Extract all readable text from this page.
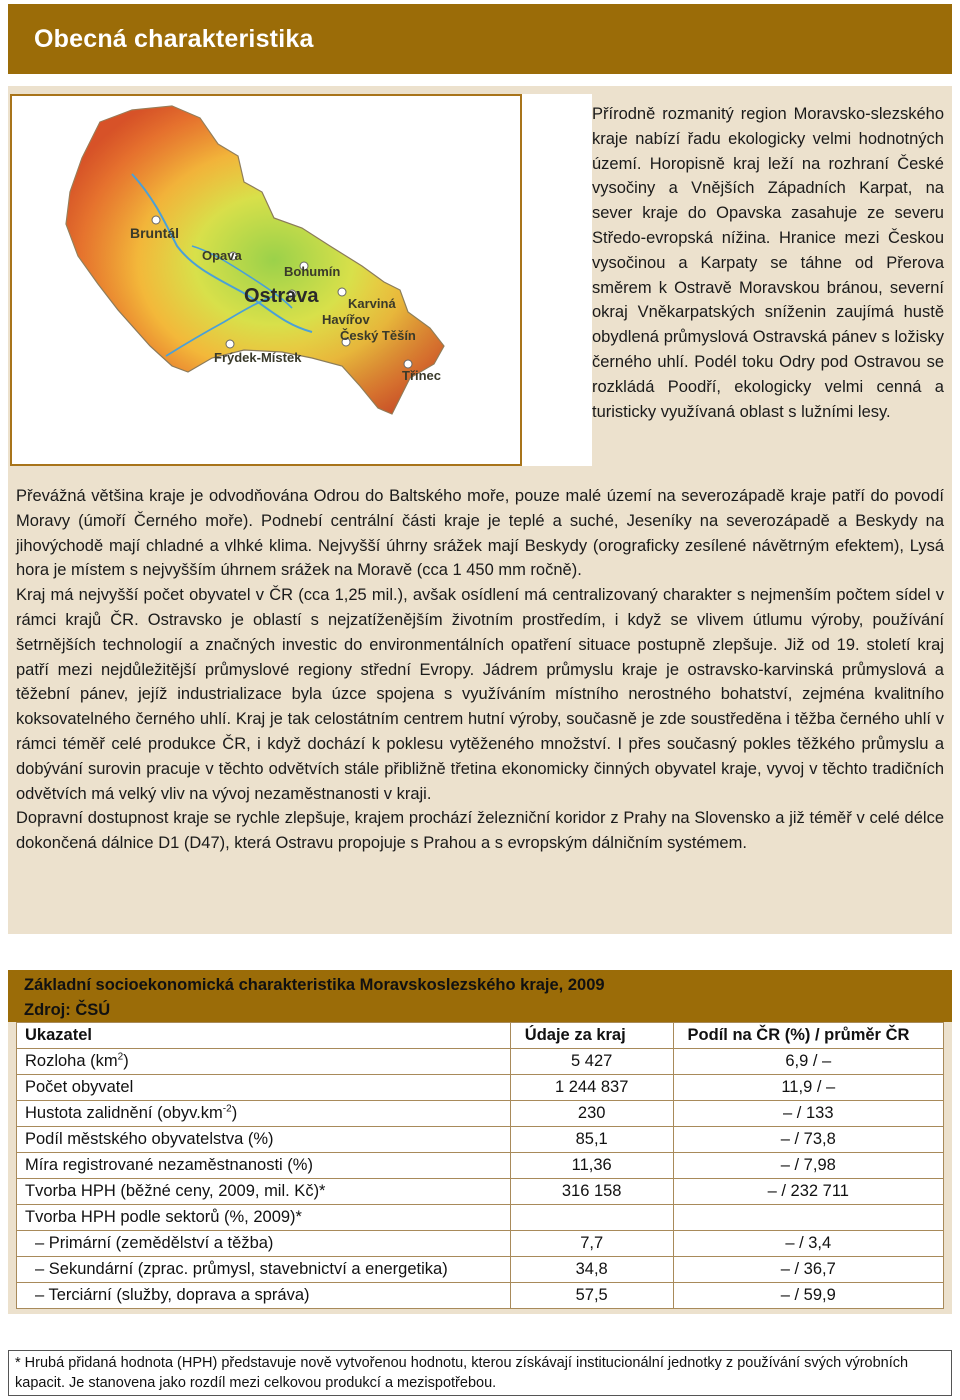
Obecná charakteristika
Bruntál
Opava
Bohumín
Ostrava Karviná
Havířov
Český Těšín
Frýdek-Místek
Třinec
Přírodně rozmanitý region Moravsko-slezského kraje nabízí řadu ekologicky velmi hodnotných území. Horopisně kraj leží na rozhraní České vysočiny a Vnějších Západních Karpat, na sever kraje do Opavska zasahuje ze severu Středo-evropská nížina. Hranice mezi Českou vysočinou a Karpaty se táhne od Přerova směrem k Ostravě Moravskou bránou, severní okraj Vněkarpatských sníženin zaujímá hustě obydlená průmyslová Ostravská pánev s ložisky černého uhlí. Podél toku Odry pod Ostravou se rozkládá Poodří, ekologicky velmi cenná a turisticky využívaná oblast s lužními lesy.

Převážná většina kraje je odvodňována Odrou do Baltského moře, pouze malé území na severozápadě kraje patří do povodí Moravy (úmoří Černého moře). Podnebí centrální části kraje je teplé a suché, Jeseníky na severozápadě a Beskydy na jihovýchodě mají chladné a vlhké klima. Nejvyšší úhrny srážek mají Beskydy (orograficky zesílené návětrným efektem), Lysá hora je místem s nejvyšším úhrnem srážek na Moravě (cca 1 450 mm ročně).

Kraj má nejvyšší počet obyvatel v ČR (cca 1,25 mil.), avšak osídlení má centralizovaný charakter s nejmenším počtem sídel v rámci krajů ČR. Ostravsko je oblastí s nejzatíženějším životním prostředím, i když se vlivem útlumu výroby, používání šetrnějších technologií a značných investic do environmentálních opatření situace postupně zlepšuje. Již od 19. století kraj patří mezi nejdůležitější průmyslové regiony střední Evropy. Jádrem průmyslu kraje je ostravsko-karvinská průmyslová a těžební pánev, jejíž industrializace byla úzce spojena s využíváním místního nerostného bohatství, zejména kvalitního koksovatelného černého uhlí. Kraj je tak celostátním centrem hutní výroby, současně je zde soustředěna i těžba černého uhlí v rámci téměř celé produkce ČR, i když dochází k poklesu vytěženého množství. I přes současný pokles těžkého průmyslu a dobývání surovin pracuje v těchto odvětvích stále přibližně třetina ekonomicky činných obyvatel kraje, vyvoj v těchto tradičních odvětvích má velký vliv na vývoj nezaměstnanosti v kraji.

Dopravní dostupnost kraje se rychle zlepšuje, krajem prochází železniční koridor z Prahy na Slovensko a již téměř v celé délce dokončená dálnice D1 (D47), která Ostravu propojuje s Prahou a s evropským dálničním systémem.

Základní socioekonomická charakteristika Moravskoslezského kraje, 2009
Zdroj: ČSÚ
Ukazatel	Údaje za kraj	Podíl na ČR (%) / průměr ČR
Rozloha $(km^2)$	5 427	6,9 / –
Počet obyvatel	1 244 837	11,9 / –
Hustota zalidnění $(obyv.km^{-2})$	230	– / 133
Podíl městského obyvatelstva (%)	85,1	– / 73,8
Míra registrované nezaměstnanosti (%)	11,36	– / 7,98
Tvorba HPH (běžné ceny, 2009, mil. Kč)*	316 158	– / 232 711
Tvorba HPH podle sektorů (%, 2009)*		
– Primární (zemědělství a těžba)	7,7	– / 3,4
– Sekundární (zprac. průmysl, stavebnictví a energetika)	34,8	– / 36,7
– Terciární (služby, doprava a správa)	57,5	– / 59,9
* Hrubá přidaná hodnota (HPH) představuje nově vytvořenou hodnotu, kterou získávají institucionální jednotky z používání svých výrobních kapacit. Je stanovena jako rozdíl mezi celkovou produkcí a mezispotřebou.
